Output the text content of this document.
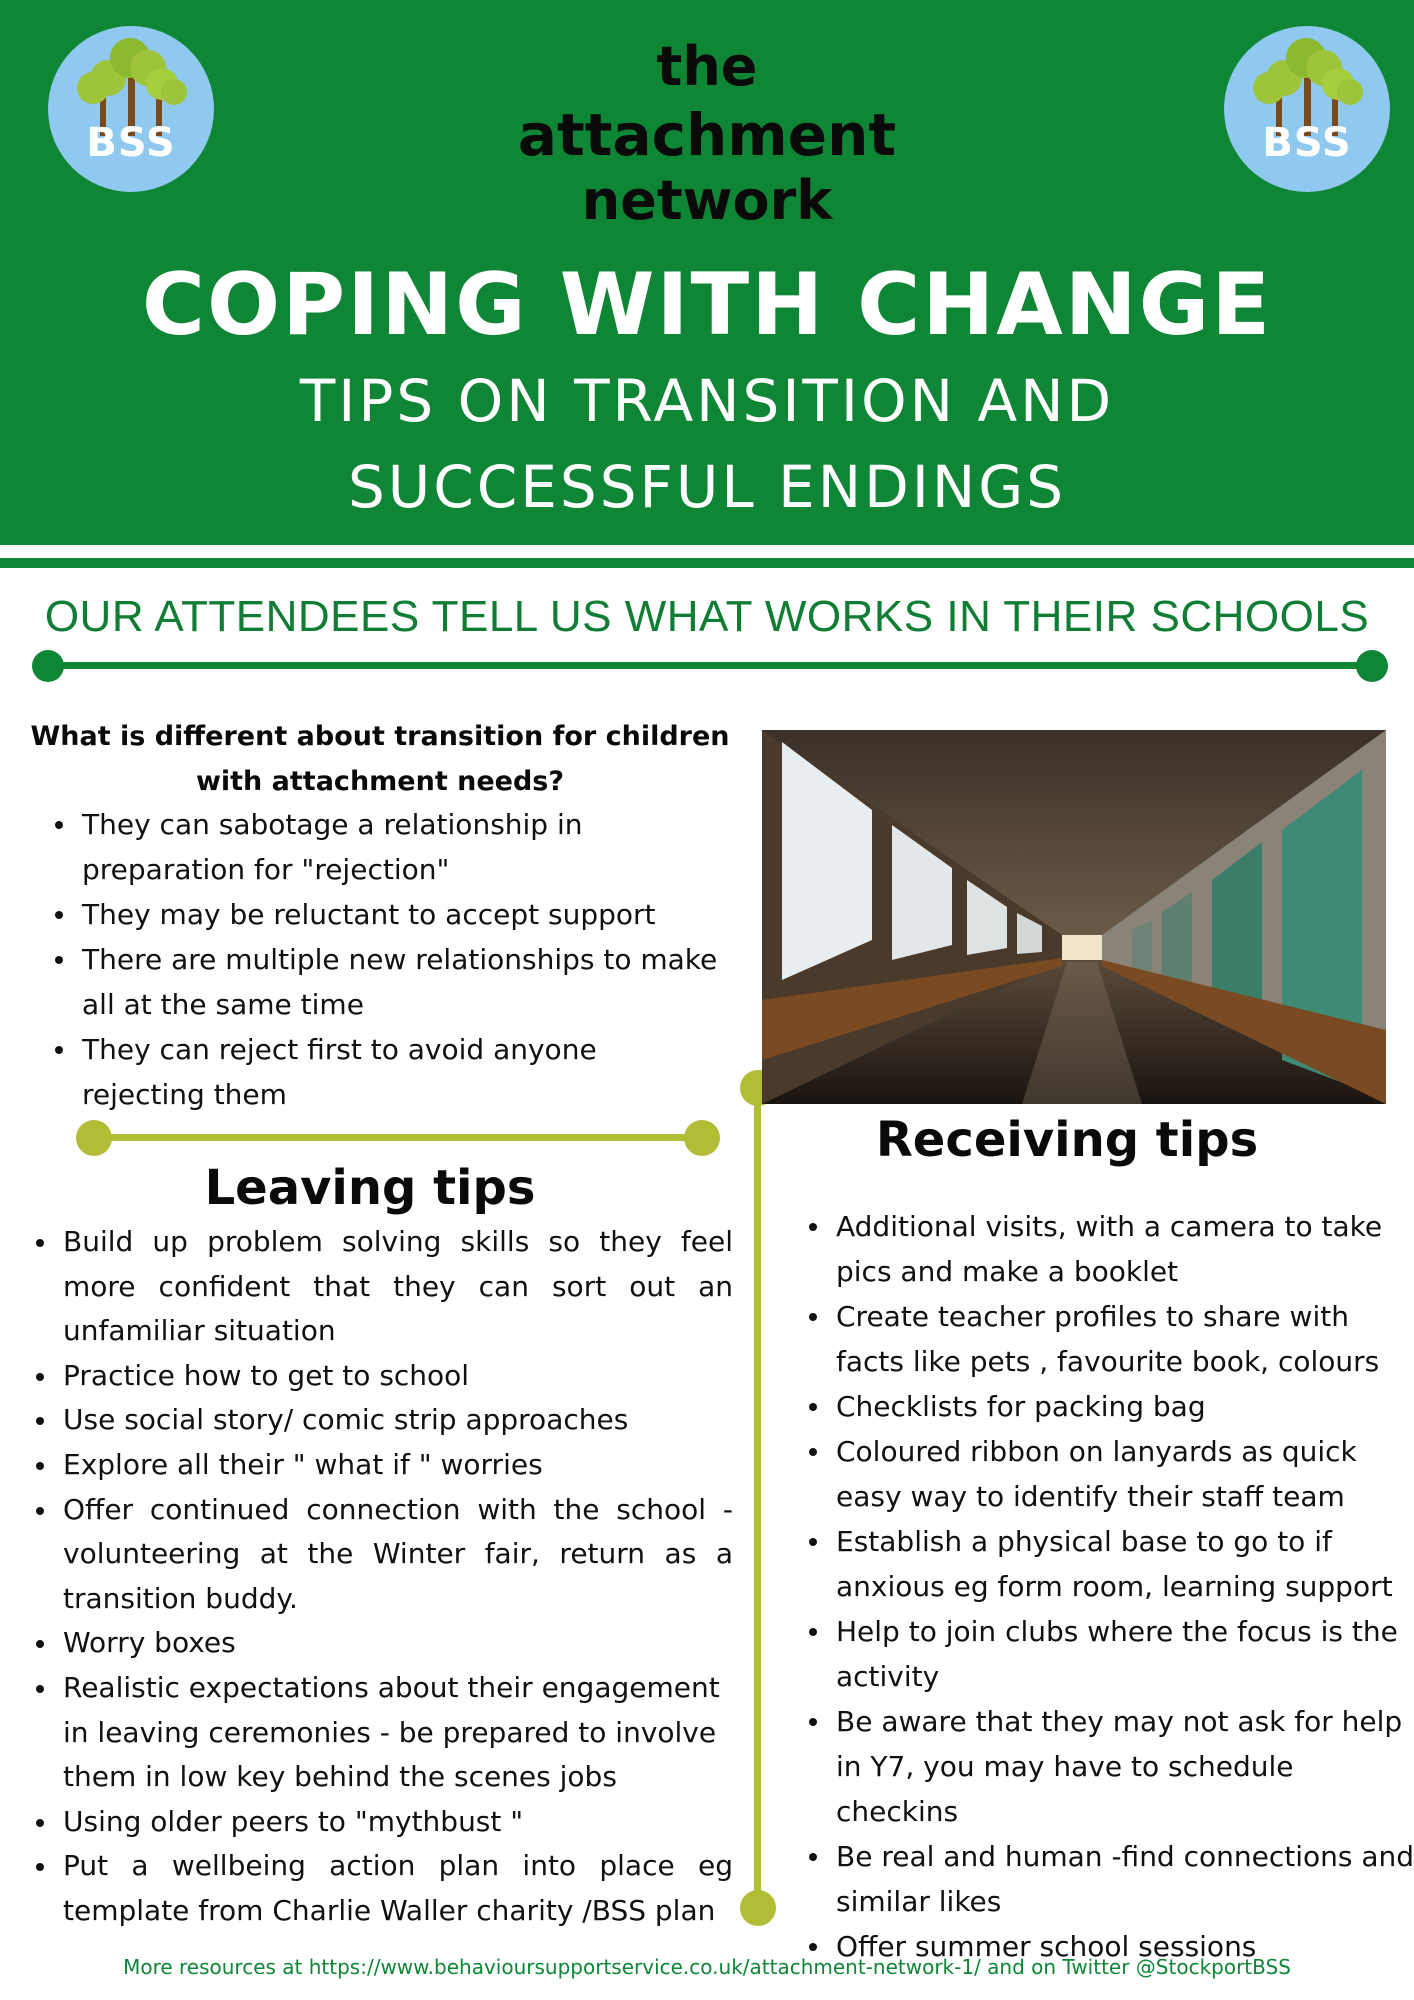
BSS	BSS
the
attachment
network
COPING WITH CHANGE
TIPS ON TRANSITION AND
SUCCESSFUL ENDINGS
OUR ATTENDEES TELL US WHAT WORKS IN THEIR SCHOOLS
What is different about transition for children
with attachment needs?
They can sabotage a relationship in preparation for "rejection"
They may be reluctant to accept support
There are multiple new relationships to make all at the same time
They can reject first to avoid anyone rejecting them
Leaving tips
Build up problem solving skills so they feel more confident that they can sort out an unfamiliar situation
Practice how to get to school
Use social story/ comic strip approaches
Explore all their " what if " worries
Offer continued connection with the school - volunteering at the Winter fair, return as a transition buddy.
Worry boxes
Realistic expectations about their engagement in leaving ceremonies - be prepared to involve them in low key behind the scenes jobs
Using older peers to "mythbust "
Put a wellbeing action plan into place eg template from Charlie Waller charity /BSS plan
Receiving tips
Additional visits, with a camera to take pics and make a booklet
Create teacher profiles to share with facts like pets , favourite book, colours
Checklists for packing bag
Coloured ribbon on lanyards as quick easy way to identify their staff team
Establish a physical base to go to if anxious eg form room, learning support
Help to join clubs where the focus is the activity
Be aware that they may not ask for help in Y7, you may have to schedule checkins
Be real and human -find connections and similar likes
Offer summer school sessions
More resources at https://www.behavioursupportservice.co.uk/attachment-network-1/ and on Twitter @StockportBSS
